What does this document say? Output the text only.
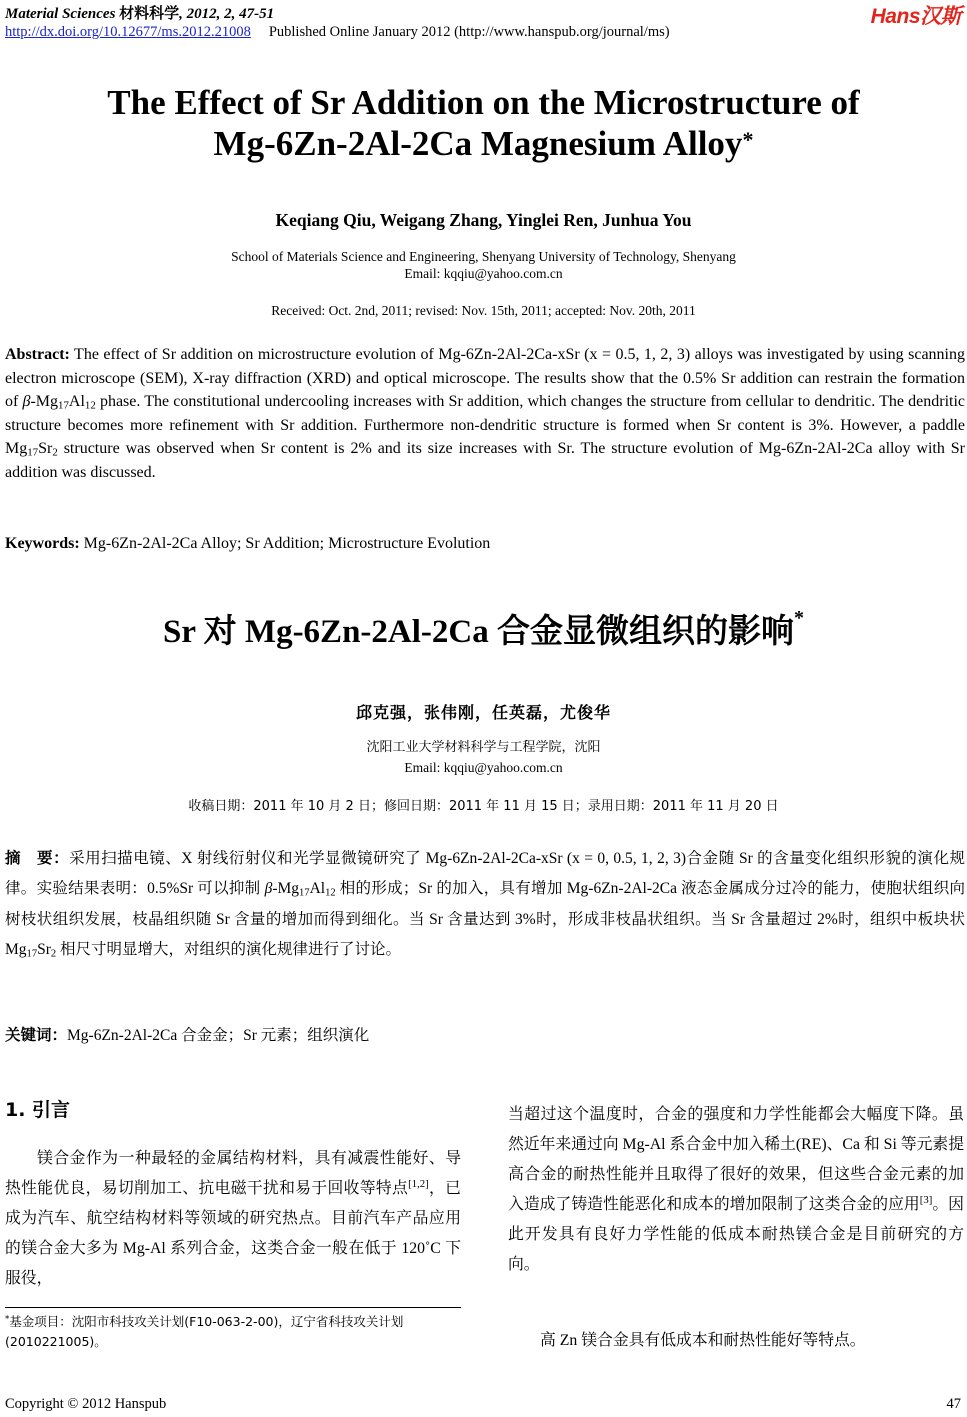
Material Sciences 材料科学, 2012, 2, 47-51
http://dx.doi.org/10.12677/ms.2012.21008 Published Online January 2012 (http://www.hanspub.org/journal/ms)
Hans汉斯
The Effect of Sr Addition on the Microstructure of
Mg-6Zn-2Al-2Ca Magnesium Alloy*
Keqiang Qiu, Weigang Zhang, Yinglei Ren, Junhua You
School of Materials Science and Engineering, Shenyang University of Technology, Shenyang
Email: kqqiu@yahoo.com.cn
Received: Oct. 2nd, 2011; revised: Nov. 15th, 2011; accepted: Nov. 20th, 2011
Abstract: The effect of Sr addition on microstructure evolution of Mg-6Zn-2Al-2Ca-xSr (x = 0.5, 1, 2, 3) alloys was investigated by using scanning electron microscope (SEM), X-ray diffraction (XRD) and optical microscope. The results show that the 0.5% Sr addition can restrain the formation of $\beta-Mg_{17}Al_{12}$ phase. The constitutional undercooling increases with Sr addition, which changes the structure from cellular to dendritic. The dendritic structure becomes more refinement with Sr addition. Furthermore non-dendritic structure is formed when Sr content is 3%. However, a paddle $Mg_{17}Sr_2$ structure was observed when Sr content is 2% and its size increases with Sr. The structure evolution of Mg-6Zn-2Al-2Ca alloy with Sr addition was discussed.
Keywords: Mg-6Zn-2Al-2Ca Alloy; Sr Addition; Microstructure Evolution
Sr 对 Mg-6Zn-2Al-2Ca 合金显微组织的影响*
邱克强，张伟刚，任英磊，尤俊华
沈阳工业大学材料科学与工程学院，沈阳
Email: kqqiu@yahoo.com.cn
收稿日期：2011 年 10 月 2 日；修回日期：2011 年 11 月 15 日；录用日期：2011 年 11 月 20 日
摘　要：采用扫描电镜、X 射线衍射仪和光学显微镜研究了 Mg-6Zn-2Al-2Ca-xSr (x = 0, 0.5, 1, 2, 3)合金随 Sr 的含量变化组织形貌的演化规律。实验结果表明：0.5%Sr 可以抑制 $\beta-Mg_{17}Al_{12}$ 相的形成；Sr 的加入，具有增加 Mg-6Zn-2Al-2Ca 液态金属成分过冷的能力，使胞状组织向树枝状组织发展，枝晶组织随 Sr 含量的增加而得到细化。当 Sr 含量达到 3%时，形成非枝晶状组织。当 Sr 含量超过 2%时，组织中板块状 $Mg_{17}Sr_2$ 相尺寸明显增大，对组织的演化规律进行了讨论。
关键词：Mg-6Zn-2Al-2Ca 合金金；Sr 元素；组织演化
1. 引言
镁合金作为一种最轻的金属结构材料，具有减震性能好、导热性能优良，易切削加工、抗电磁干扰和易于回收等特点[1,2]，已成为汽车、航空结构材料等领域的研究热点。目前汽车产品应用的镁合金大多为 Mg-Al 系列合金，这类合金一般在低于 120˚C 下服役，
*基金项目：沈阳市科技攻关计划(F10-063-2-00)，辽宁省科技攻关计划(2010221005)。
当超过这个温度时，合金的强度和力学性能都会大幅度下降。虽然近年来通过向 Mg-Al 系合金中加入稀土(RE)、Ca 和 Si 等元素提高合金的耐热性能并且取得了很好的效果，但这些合金元素的加入造成了铸造性能恶化和成本的增加限制了这类合金的应用[3]。因此开发具有良好力学性能的低成本耐热镁合金是目前研究的方向。
高 Zn 镁合金具有低成本和耐热性能好等特点。
Copyright © 2012 Hanspub	47
